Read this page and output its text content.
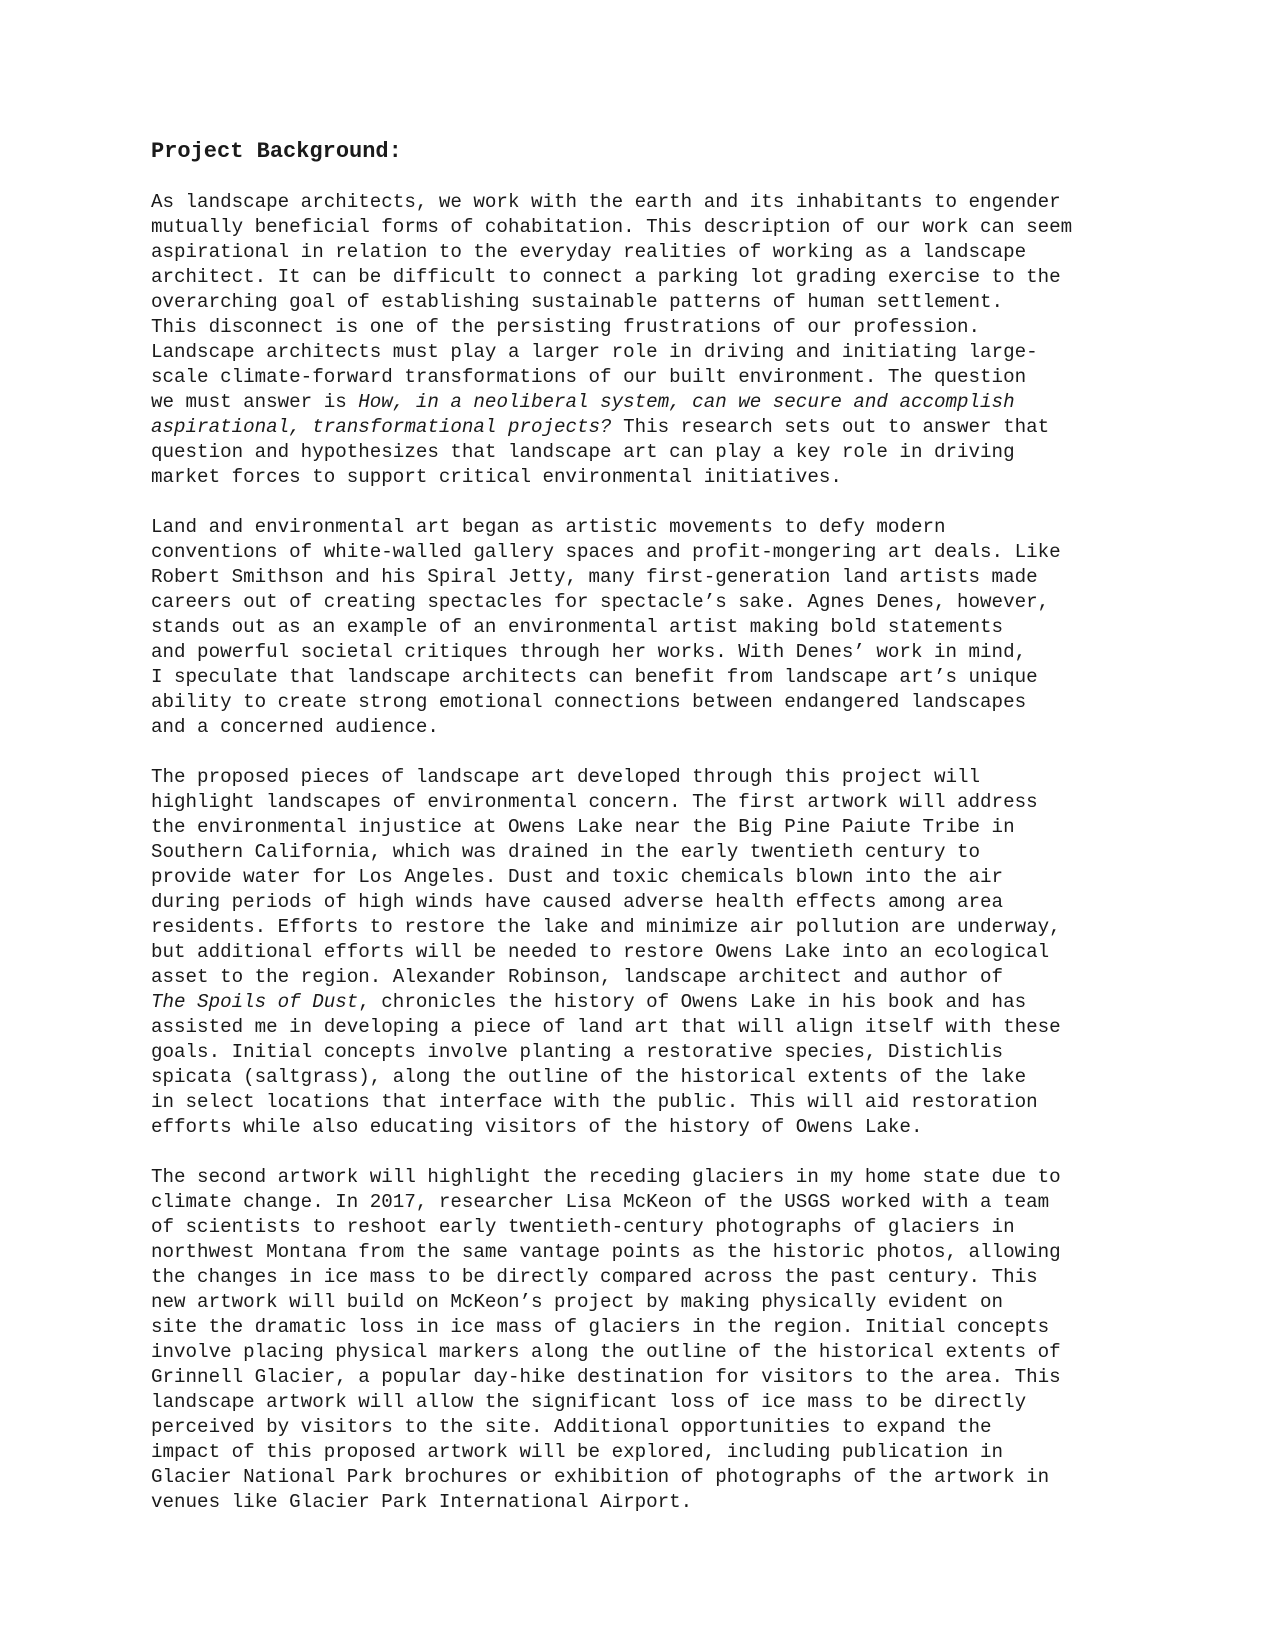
Project Background:

As landscape architects, we work with the earth and its inhabitants to engender
mutually beneficial forms of cohabitation. This description of our work can seem
aspirational in relation to the everyday realities of working as a landscape
architect. It can be difficult to connect a parking lot grading exercise to the
overarching goal of establishing sustainable patterns of human settlement.
This disconnect is one of the persisting frustrations of our profession.
Landscape architects must play a larger role in driving and initiating large-
scale climate-forward transformations of our built environment. The question
we must answer is How, in a neoliberal system, can we secure and accomplish
aspirational, transformational projects? This research sets out to answer that
question and hypothesizes that landscape art can play a key role in driving
market forces to support critical environmental initiatives.

Land and environmental art began as artistic movements to defy modern
conventions of white-walled gallery spaces and profit-mongering art deals. Like
Robert Smithson and his Spiral Jetty, many first-generation land artists made
careers out of creating spectacles for spectacle’s sake. Agnes Denes, however,
stands out as an example of an environmental artist making bold statements
and powerful societal critiques through her works. With Denes’ work in mind,
I speculate that landscape architects can benefit from landscape art’s unique
ability to create strong emotional connections between endangered landscapes
and a concerned audience.

The proposed pieces of landscape art developed through this project will
highlight landscapes of environmental concern. The first artwork will address
the environmental injustice at Owens Lake near the Big Pine Paiute Tribe in
Southern California, which was drained in the early twentieth century to
provide water for Los Angeles. Dust and toxic chemicals blown into the air
during periods of high winds have caused adverse health effects among area
residents. Efforts to restore the lake and minimize air pollution are underway,
but additional efforts will be needed to restore Owens Lake into an ecological
asset to the region. Alexander Robinson, landscape architect and author of
The Spoils of Dust, chronicles the history of Owens Lake in his book and has
assisted me in developing a piece of land art that will align itself with these
goals. Initial concepts involve planting a restorative species, Distichlis
spicata (saltgrass), along the outline of the historical extents of the lake
in select locations that interface with the public. This will aid restoration
efforts while also educating visitors of the history of Owens Lake.

The second artwork will highlight the receding glaciers in my home state due to
climate change. In 2017, researcher Lisa McKeon of the USGS worked with a team
of scientists to reshoot early twentieth-century photographs of glaciers in
northwest Montana from the same vantage points as the historic photos, allowing
the changes in ice mass to be directly compared across the past century. This
new artwork will build on McKeon’s project by making physically evident on
site the dramatic loss in ice mass of glaciers in the region. Initial concepts
involve placing physical markers along the outline of the historical extents of
Grinnell Glacier, a popular day-hike destination for visitors to the area. This
landscape artwork will allow the significant loss of ice mass to be directly
perceived by visitors to the site. Additional opportunities to expand the
impact of this proposed artwork will be explored, including publication in
Glacier National Park brochures or exhibition of photographs of the artwork in
venues like Glacier Park International Airport.
